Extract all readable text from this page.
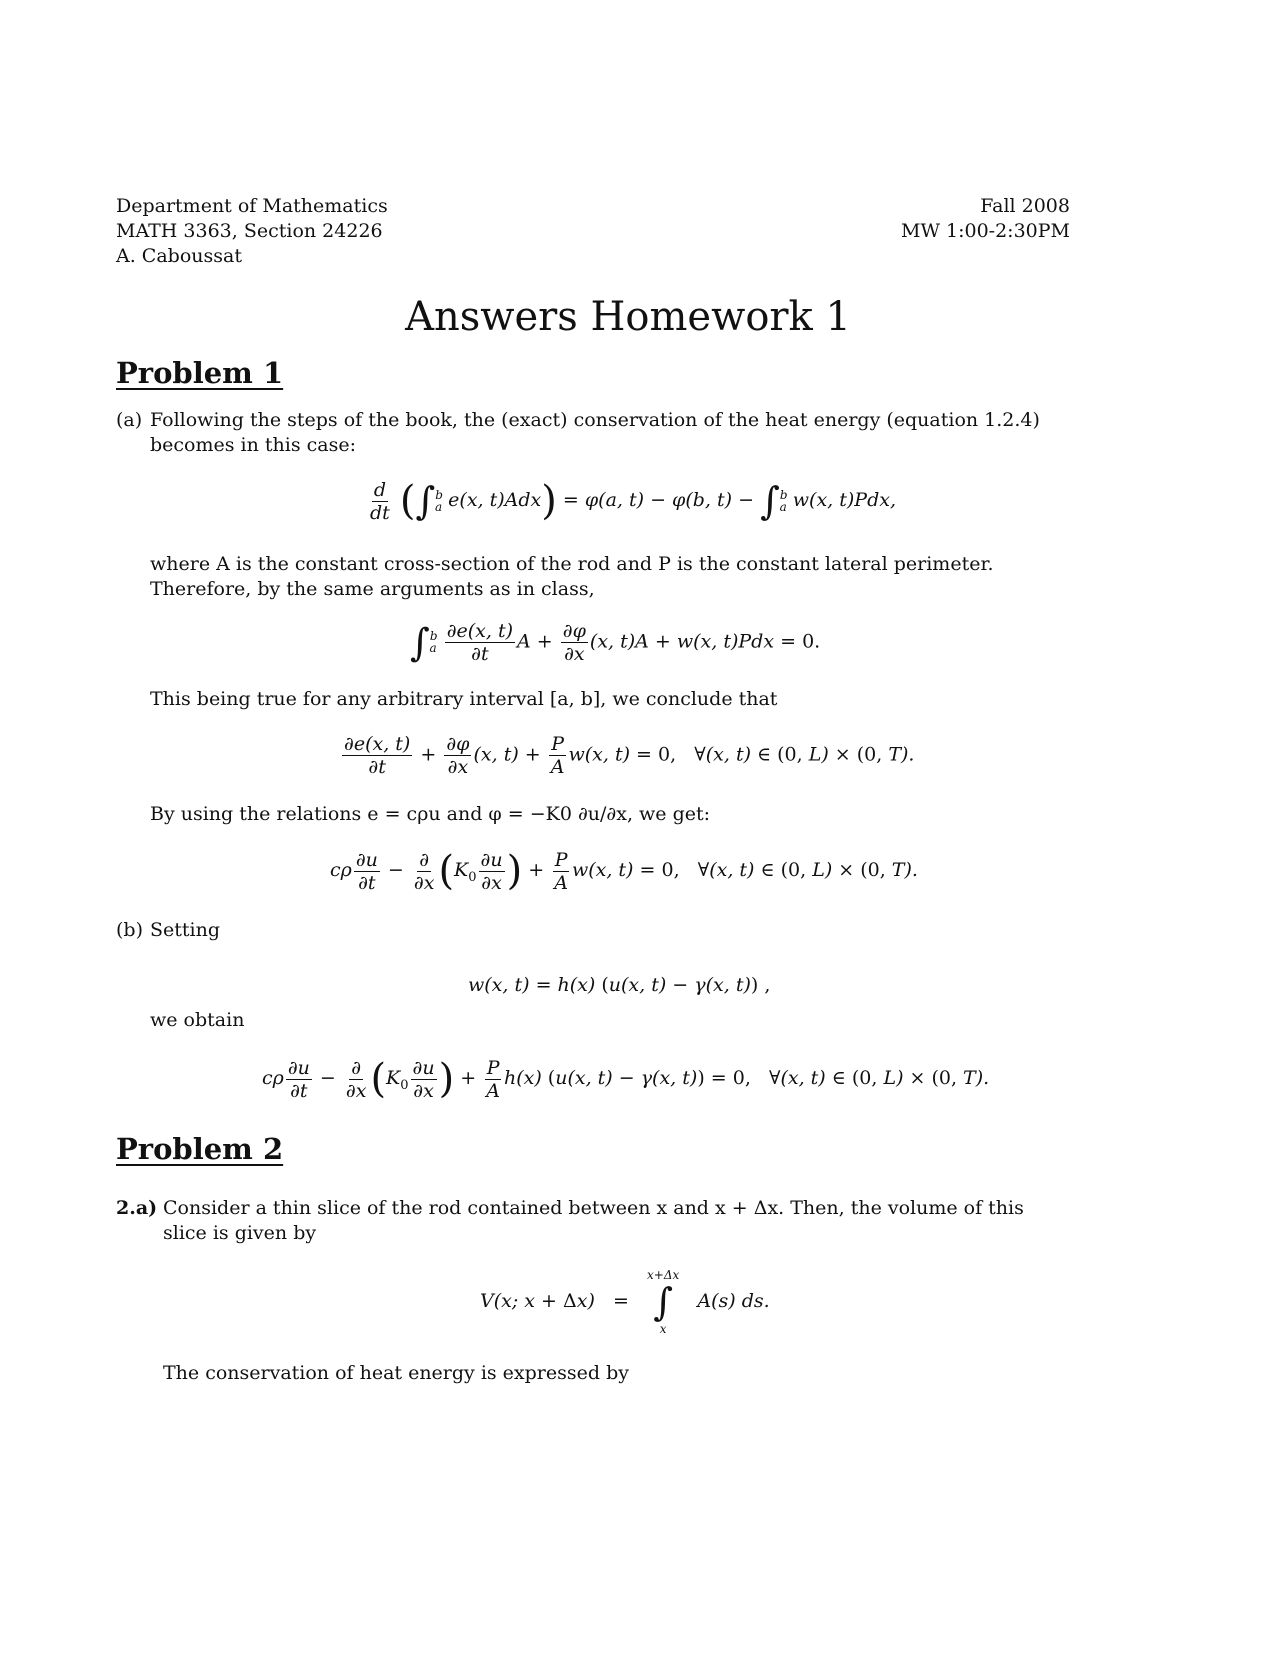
Department of Mathematics
MATH 3363, Section 24226
A. Caboussat
Fall 2008
MW 1:00-2:30PM
Answers Homework 1
Problem 1
(a) Following the steps of the book, the (exact) conservation of the heat energy (equation 1.2.4) becomes in this case:
$\frac{d}{dt} (\int^b_a$ e(x, t)Adx) = φ(a, t) − φ(b, t) − ∫$^b_a$ w(x, t)Pdx,
where A is the constant cross-section of the rod and P is the constant lateral perimeter. Therefore, by the same arguments as in class,
$\int^b_a \frac{\partial e(x, t)}{\partial t}$ $A + \frac{\partial\varphi}{\partial x} (x$, t)A + w(x, t)Pdx = 0.
This being true for any arbitrary interval [a, b], we conclude that
$\frac{\partial e(x, t)}{\partial t} + \frac{\partial\varphi}{\partial x} (x$, $t) + \frac{P}{A} w(x$, t) = 0, ∀(x, t) ∈ (0, L) × (0, T).
By using the relations e = cρu and φ = −K0 ∂u/∂x, we get:
cρ $\frac{\partial u}{\partial t} - \frac{\partial}{\partial x} (K_0 \frac{\partial u}{\partial x}$ ) + $\frac{P}{A} w(x$, t) = 0, ∀(x, t) ∈ (0, L) × (0, T).
(b) Setting
w(x, t) = h(x) (u(x, t) − γ(x, t)) ,
we obtain
cρ $\frac{\partial u}{\partial t} - \frac{\partial}{\partial x} (K_0 \frac{\partial u}{\partial x}$ ) + $\frac{P}{A} h(x)$ (u(x, t) − γ(x, t)) = 0, ∀(x, t) ∈ (0, L) × (0, T).
Problem 2
2.a) Consider a thin slice of the rod contained between x and x + Δx. Then, the volume of this slice is given by
V(x; x + Δx)   =
x+Δx
∫
x
A(s) ds.
The conservation of heat energy is expressed by
